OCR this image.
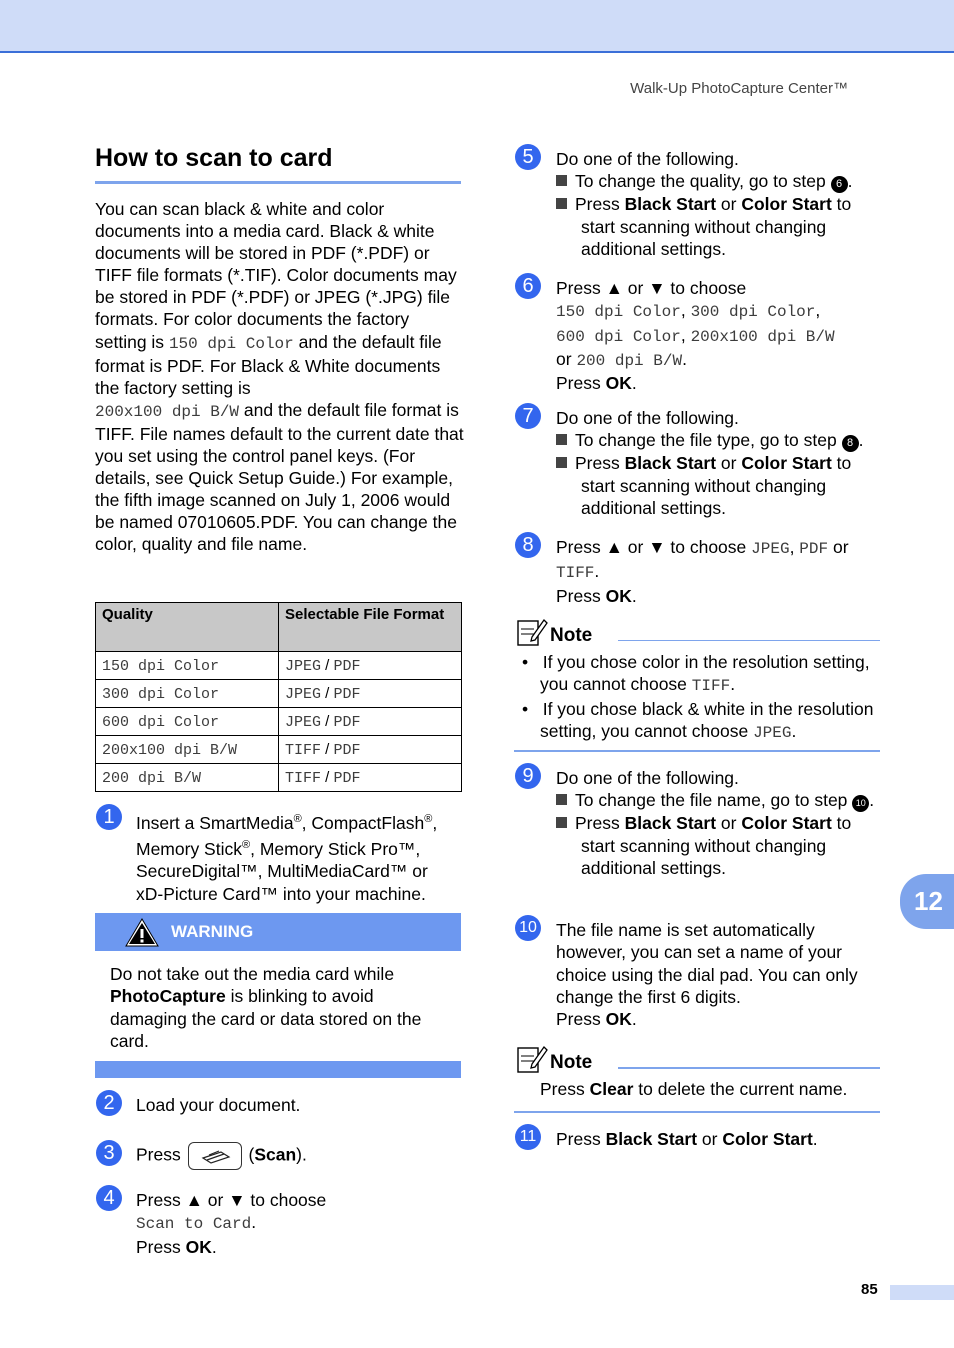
Walk-Up PhotoCapture Center™
How to scan to card
You can scan black & white and color documents into a media card. Black & white documents will be stored in PDF (*.PDF) or TIFF file formats (*.TIF). Color documents may be stored in PDF (*.PDF) or JPEG (*.JPG) file formats. For color documents the factory setting is 150 dpi Color and the default file format is PDF. For Black & White documents the factory setting is
200x100 dpi B/W and the default file format is TIFF. File names default to the current date that you set using the control panel keys. (For details, see Quick Setup Guide.) For example, the fifth image scanned on July 1, 2006 would be named 07010605.PDF. You can change the color, quality and file name.
Quality	Selectable File Format
150 dpi Color	JPEG / PDF
300 dpi Color	JPEG / PDF
600 dpi Color	JPEG / PDF
200x100 dpi B/W	TIFF / PDF
200 dpi B/W	TIFF / PDF
1	Insert a SmartMedia®, CompactFlash®,
Memory Stick®, Memory Stick Pro™,
SecureDigital™, MultiMediaCard™ or
xD-Picture Card™ into your machine.
WARNING
Do not take out the media card while
PhotoCapture is blinking to avoid damaging the card or data stored on the card.
2	Load your document.
3	Press	(Scan).
4	Press ▲ or ▼ to choose
Scan to Card.
Press OK.
5	Do one of the following.
To change the quality, go to step 6 .
Press Black Start or Color Start to start scanning without changing additional settings.
6	Press ▲ or ▼ to choose
150 dpi Color, 300 dpi Color,
600 dpi Color, 200x100 dpi B/W
or 200 dpi B/W.
Press OK.
7	Do one of the following.
To change the file type, go to step 8 .
Press Black Start or Color Start to start scanning without changing additional settings.
8	Press ▲ or ▼ to choose JPEG, PDF or
TIFF.
Press OK.
Note
•   If you chose color in the resolution setting, you cannot choose TIFF.
•   If you chose black & white in the resolution setting, you cannot choose JPEG.
9	Do one of the following.
To change the file name, go to step 10 .
Press Black Start or Color Start to start scanning without changing additional settings.
10 The file name is set automatically however, you can set a name of your choice using the dial pad. You can only change the first 6 digits.
Press OK.
Note
Press Clear to delete the current name.
11 Press Black Start or Color Start.
12
85
